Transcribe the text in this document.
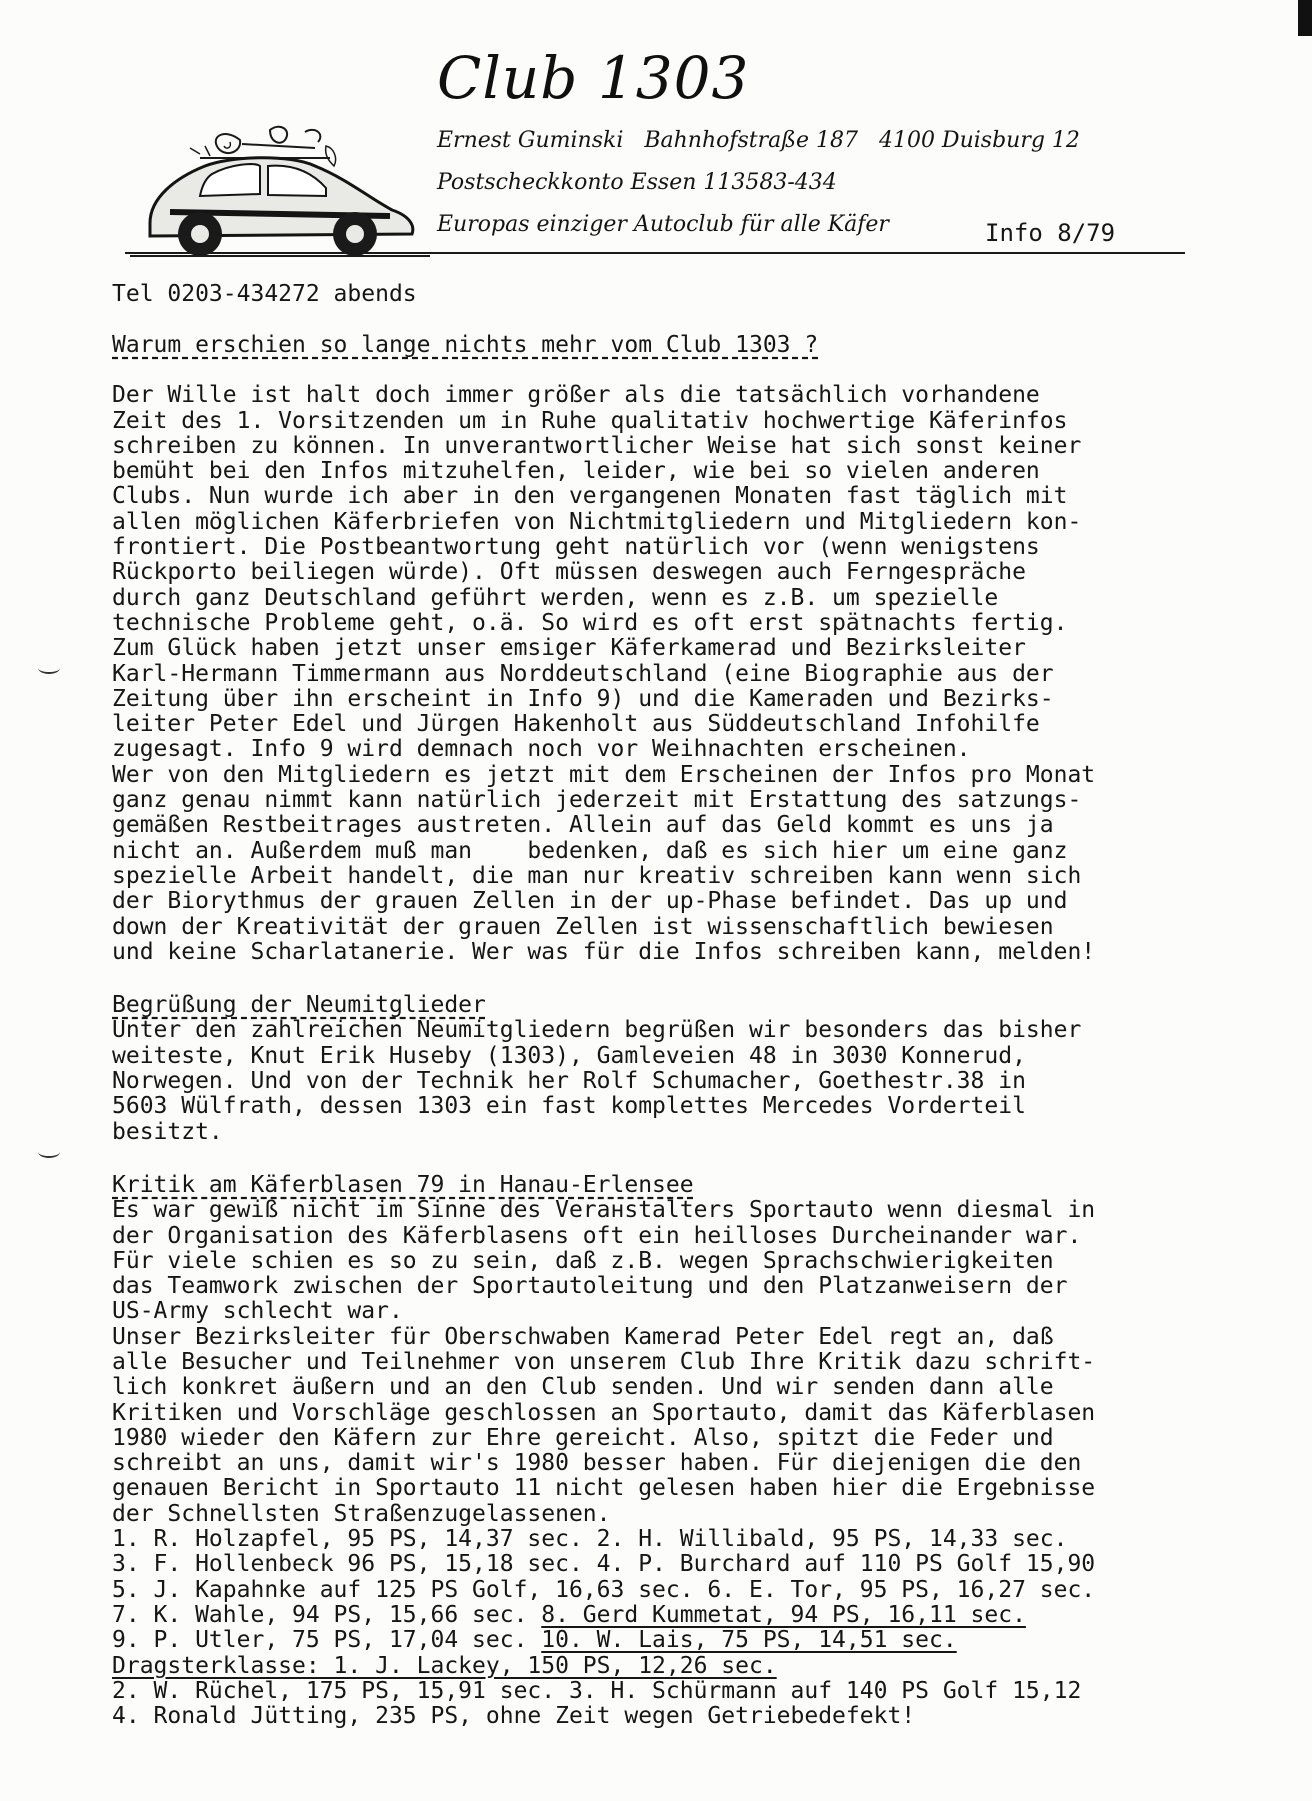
Club 1303
Ernest Guminski   Bahnhofstraße 187   4100 Duisburg 12
Postscheckkonto Essen 113583-434
Europas einziger Autoclub für alle Käfer	Info 8/79
Tel 0203-434272 abends
Warum erschien so lange nichts mehr vom Club 1303 ?

Der Wille ist halt doch immer größer als die tatsächlich vorhandene

Zeit des 1. Vorsitzenden um in Ruhe qualitativ hochwertige Käferinfos

schreiben zu können. In unverantwortlicher Weise hat sich sonst keiner

bemüht bei den Infos mitzuhelfen, leider, wie bei so vielen anderen

Clubs. Nun wurde ich aber in den vergangenen Monaten fast täglich mit

allen möglichen Käferbriefen von Nichtmitgliedern und Mitgliedern kon-

frontiert. Die Postbeantwortung geht natürlich vor (wenn wenigstens

Rückporto beiliegen würde). Oft müssen deswegen auch Ferngespräche

durch ganz Deutschland geführt werden, wenn es z.B. um spezielle

technische Probleme geht, o.ä. So wird es oft erst spätnachts fertig.

Zum Glück haben jetzt unser emsiger Käferkamerad und Bezirksleiter

Karl-Hermann Timmermann aus Norddeutschland (eine Biographie aus der

Zeitung über ihn erscheint in Info 9) und die Kameraden und Bezirks-

leiter Peter Edel und Jürgen Hakenholt aus Süddeutschland Infohilfe

zugesagt. Info 9 wird demnach noch vor Weihnachten erscheinen.

Wer von den Mitgliedern es jetzt mit dem Erscheinen der Infos pro Monat

ganz genau nimmt kann natürlich jederzeit mit Erstattung des satzungs-

gemäßen Restbeitrages austreten. Allein auf das Geld kommt es uns ja

nicht an. Außerdem muß man    bedenken, daß es sich hier um eine ganz

spezielle Arbeit handelt, die man nur kreativ schreiben kann wenn sich

der Biorythmus der grauen Zellen in der up-Phase befindet. Das up und

down der Kreativität der grauen Zellen ist wissenschaftlich bewiesen

und keine Scharlatanerie. Wer was für die Infos schreiben kann, melden!

Begrüßung der Neumitglieder

Unter den zahlreichen Neumitgliedern begrüßen wir besonders das bisher

weiteste, Knut Erik Huseby (1303), Gamleveien 48 in 3030 Konnerud,

Norwegen. Und von der Technik her Rolf Schumacher, Goethestr.38 in

5603 Wülfrath, dessen 1303 ein fast komplettes Mercedes Vorderteil

besitzt.

Kritik am Käferblasen 79 in Hanau-Erlensee

Es war gewiß nicht im Sinne des Verанstalters Sportauto wenn diesmal in

der Organisation des Käferblasens oft ein heilloses Durcheinander war.

Für viele schien es so zu sein, daß z.B. wegen Sprachschwierigkeiten

das Teamwork zwischen der Sportautoleitung und den Platzanweisern der

US-Army schlecht war.

Unser Bezirksleiter für Oberschwaben Kamerad Peter Edel regt an, daß

alle Besucher und Teilnehmer von unserem Club Ihre Kritik dazu schrift-

lich konkret äußern und an den Club senden. Und wir senden dann alle

Kritiken und Vorschläge geschlossen an Sportauto, damit das Käferblasen

1980 wieder den Käfern zur Ehre gereicht. Also, spitzt die Feder und

schreibt an uns, damit wir's 1980 besser haben. Für diejenigen die den

genauen Bericht in Sportauto 11 nicht gelesen haben hier die Ergebnisse

der Schnellsten Straßenzugelassenen.

1. R. Holzapfel, 95 PS, 14,37 sec. 2. H. Willibald, 95 PS, 14,33 sec.

3. F. Hollenbeck 96 PS, 15,18 sec. 4. P. Burchard auf 110 PS Golf 15,90

5. J. Kapahnke auf 125 PS Golf, 16,63 sec. 6. E. Tor, 95 PS, 16,27 sec.

7. K. Wahle, 94 PS, 15,66 sec. 8. Gerd Kummetat, 94 PS, 16,11 sec.

9. P. Utler, 75 PS, 17,04 sec. 10. W. Lais, 75 PS, 14,51 sec.

Dragsterklasse: 1. J. Lackey, 150 PS, 12,26 sec.

2. W. Rüchel, 175 PS, 15,91 sec. 3. H. Schürmann auf 140 PS Golf 15,12

4. Ronald Jütting, 235 PS, ohne Zeit wegen Getriebedefekt!
